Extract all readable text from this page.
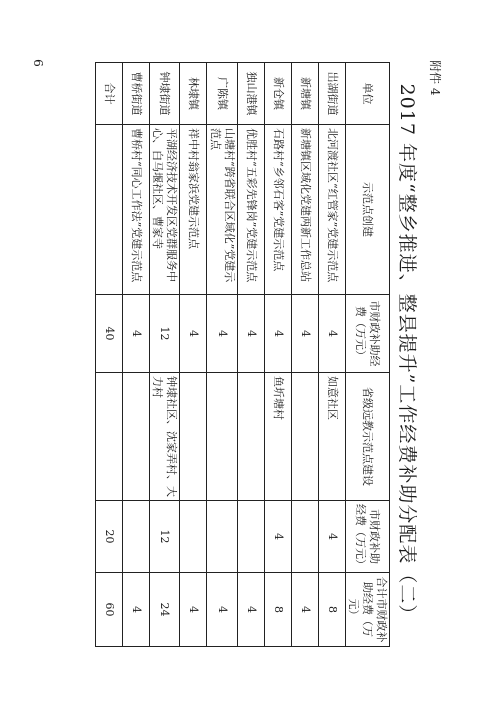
6	附件 4
2017 年度“整乡推进、整县提升”工作经费补助分配表（二）
单位	示范点创建	市财政补助经费（万元）	省级远教示范点建设	市财政补助经费（万元）	合计市财政补助经费（万元）
岀湖街道	北河渡社区“红管家”党建示范点	4	如意社区	4	8
新塘镇	新塘镇区域化党建两新工作总站	4			4
新仓镇	石路村“乡邻石客”党建示范点	4	鱼圻塘村	4	8
独山港镇	优胜村“五彩先锋岗”党建示范点	4			4
广陈镇	山塘村“跨省联合区域化”党建示范点	4			4
林埭镇	祥中村翁家浜党建示范点	4			4
钟埭街道	平湖经济技术开发区党群服务中心、白马堰社区、曹家寺	12	钟埭社区、沈家弄村、大力村	12	24
曹桥街道	曹桥村“同心工作法”党建示范点	4			4
合计		40		20	60
